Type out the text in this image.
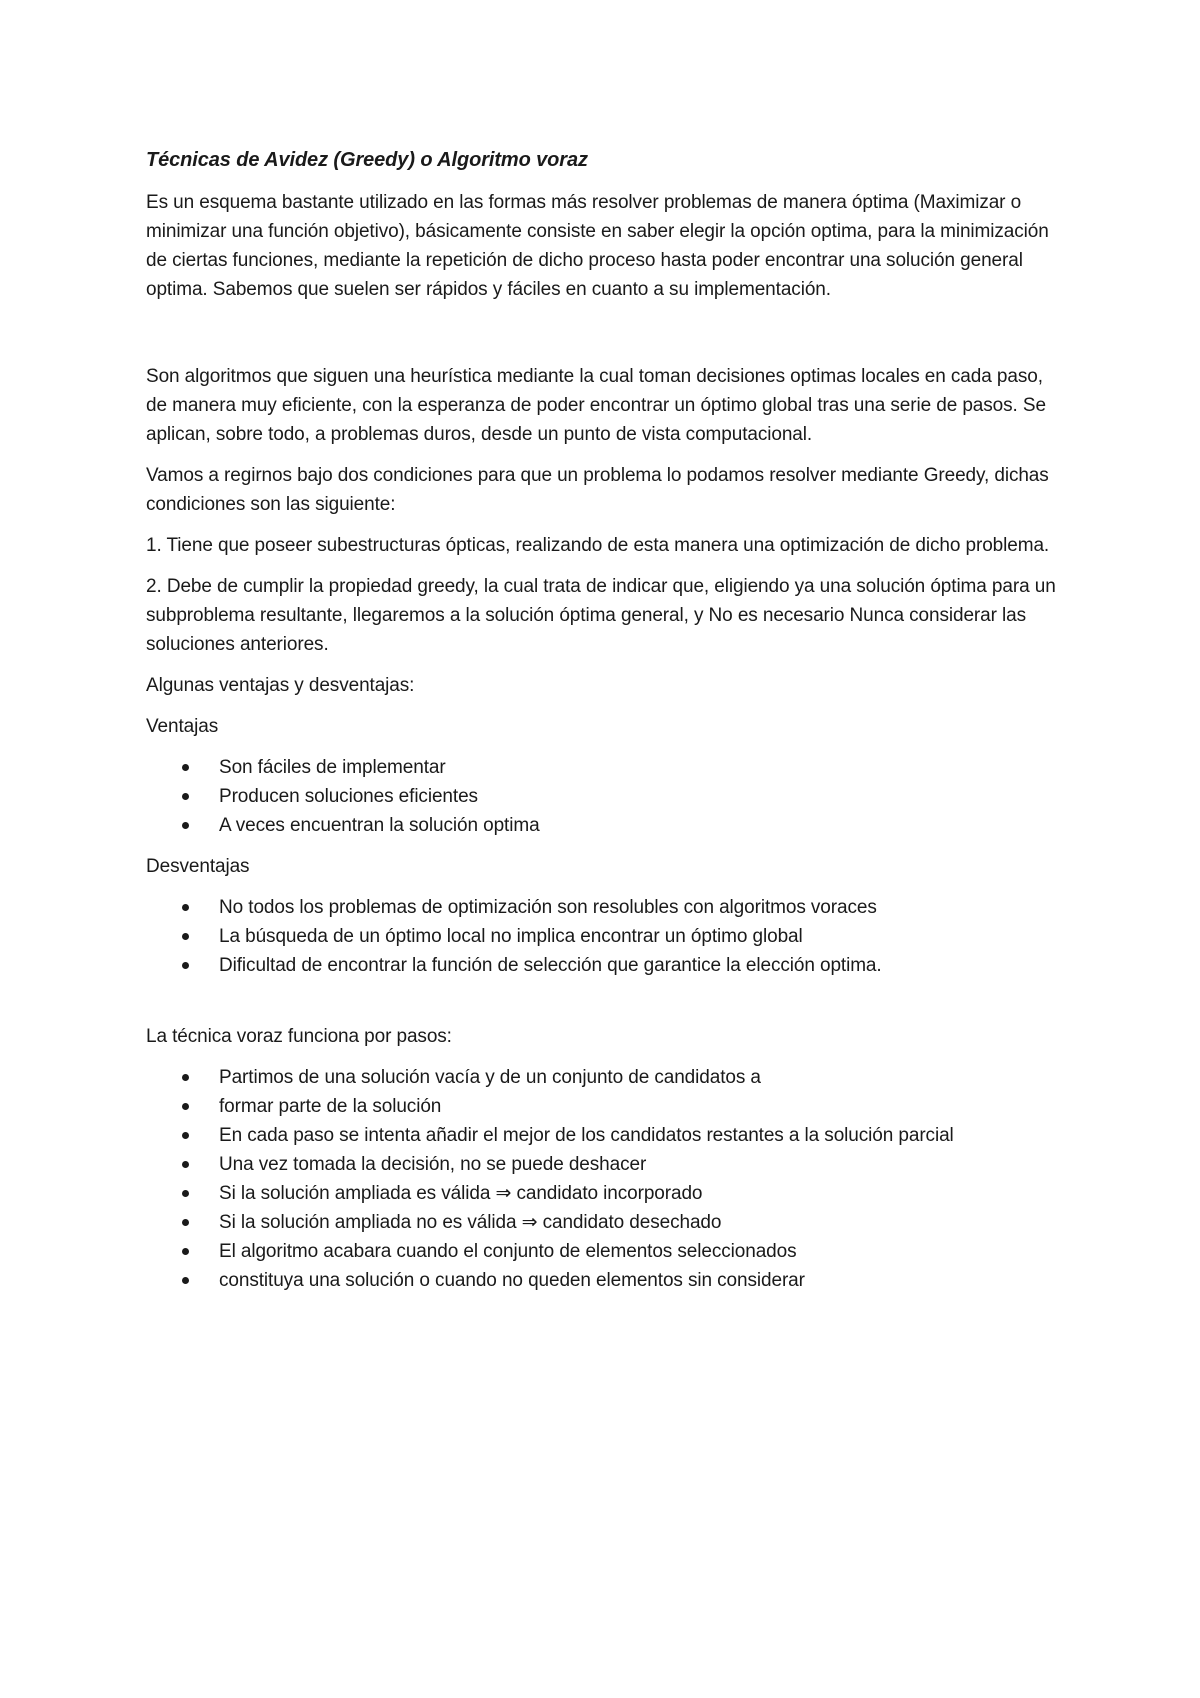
Técnicas de Avidez (Greedy) o Algoritmo voraz

Es un esquema bastante utilizado en las formas más resolver problemas de manera óptima (Maximizar o minimizar una función objetivo), básicamente consiste en saber elegir la opción optima, para la minimización de ciertas funciones, mediante la repetición de dicho proceso hasta poder encontrar una solución general optima. Sabemos que suelen ser rápidos y fáciles en cuanto a su implementación.

Son algoritmos que siguen una heurística mediante la cual toman decisiones optimas locales en cada paso, de manera muy eficiente, con la esperanza de poder encontrar un óptimo global tras una serie de pasos. Se aplican, sobre todo, a problemas duros, desde un punto de vista computacional.

Vamos a regirnos bajo dos condiciones para que un problema lo podamos resolver mediante Greedy, dichas condiciones son las siguiente:

1. Tiene que poseer subestructuras ópticas, realizando de esta manera una optimización de dicho problema.

2. Debe de cumplir la propiedad greedy, la cual trata de indicar que, eligiendo ya una solución óptima para un subproblema resultante, llegaremos a la solución óptima general, y No es necesario Nunca considerar las soluciones anteriores.

Algunas ventajas y desventajas:

Ventajas

Son fáciles de implementar
Producen soluciones eficientes
A veces encuentran la solución optima

Desventajas

No todos los problemas de optimización son resolubles con algoritmos voraces
La búsqueda de un óptimo local no implica encontrar un óptimo global
Dificultad de encontrar la función de selección que garantice la elección optima.

La técnica voraz funciona por pasos:

Partimos de una solución vacía y de un conjunto de candidatos a
formar parte de la solución
En cada paso se intenta añadir el mejor de los candidatos restantes a la solución parcial
Una vez tomada la decisión, no se puede deshacer
Si la solución ampliada es válida ⇒ candidato incorporado
Si la solución ampliada no es válida ⇒ candidato desechado
El algoritmo acabara cuando el conjunto de elementos seleccionados
constituya una solución o cuando no queden elementos sin considerar
